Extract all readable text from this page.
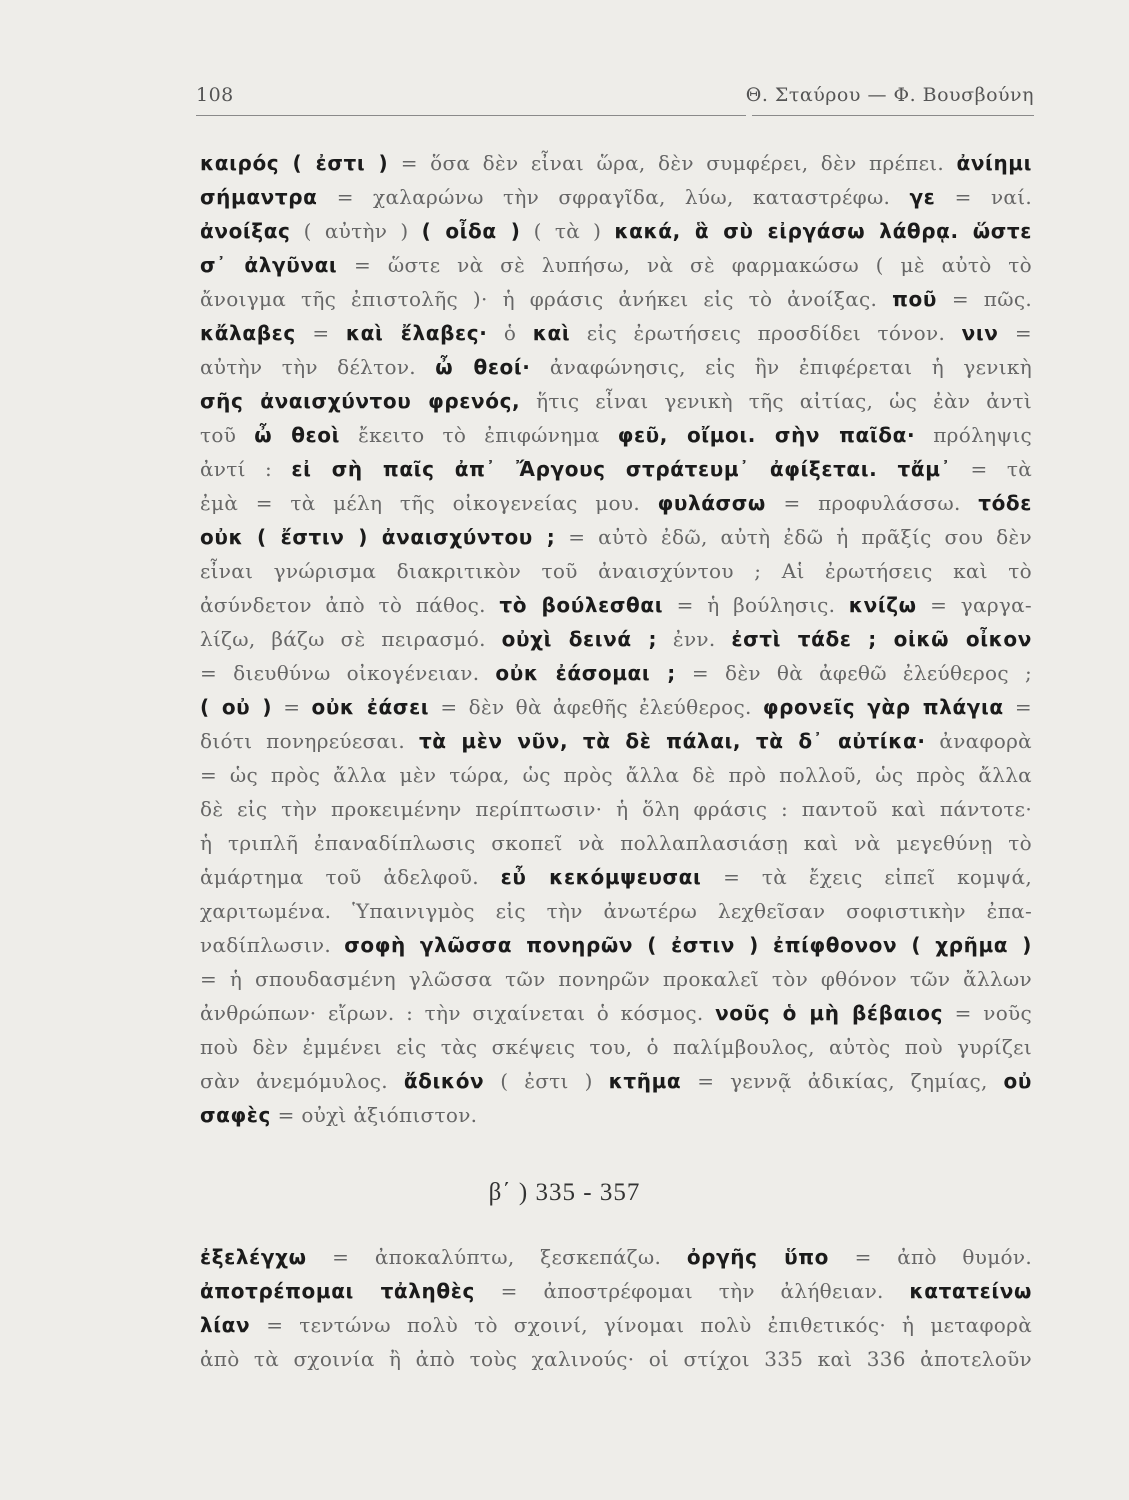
108	Θ. Σταύρου — Φ. Βουσβούνη
καιρός ( ἐστι ) = ὅσα δὲν εἶναι ὥρα, δὲν συμφέρει, δὲν πρέπει. ἀνίημι
σήμαντρα = χαλαρώνω τὴν σφραγῖδα, λύω, καταστρέφω. γε = ναί.
ἀνοίξας ( αὐτὴν ) ( οἶδα ) ( τὰ ) κακά, ἃ σὺ εἰργάσω λάθρᾳ. ὥστε
σ᾿ ἀλγῦναι = ὥστε νὰ σὲ λυπήσω, νὰ σὲ φαρμακώσω ( μὲ αὐτὸ τὸ
ἄνοιγμα τῆς ἐπιστολῆς )· ἡ φράσις ἀνήκει εἰς τὸ ἀνοίξας. ποῦ = πῶς.
κἄλαβες = καὶ ἔλαβες· ὁ καὶ εἰς ἐρωτήσεις προσδίδει τόνον. νιν =
αὐτὴν τὴν δέλτον. ὦ θεοί· ἀναφώνησις, εἰς ἣν ἐπιφέρεται ἡ γενικὴ
σῆς ἀναισχύντου φρενός, ἥτις εἶναι γενικὴ τῆς αἰτίας, ὡς ἐὰν ἀντὶ
τοῦ ὦ θεοὶ ἔκειτο τὸ ἐπιφώνημα φεῦ, οἴμοι. σὴν παῖδα· πρόληψις
ἀντί : εἰ σὴ παῖς ἀπ᾿ Ἄργους στράτευμ᾿ ἀφίξεται. τἄμ᾿ = τὰ
ἐμὰ = τὰ μέλη τῆς οἰκογενείας μου. φυλάσσω = προφυλάσσω. τόδε
οὐκ ( ἔστιν ) ἀναισχύντου ; = αὐτὸ ἐδῶ, αὐτὴ ἐδῶ ἡ πρᾶξίς σου δὲν
εἶναι γνώρισμα διακριτικὸν τοῦ ἀναισχύντου ; Αἱ ἐρωτήσεις καὶ τὸ
ἀσύνδετον ἀπὸ τὸ πάθος. τὸ βούλεσθαι = ἡ βούλησις. κνίζω = γαργα-
λίζω, βάζω σὲ πειρασμό. οὐχὶ δεινά ; ἐνν. ἐστὶ τάδε ; οἰκῶ οἶκον
= διευθύνω οἰκογένειαν. οὐκ ἐάσομαι ; = δὲν θὰ ἀφεθῶ ἐλεύθερος ;
( οὐ ) = οὐκ ἐάσει = δὲν θὰ ἀφεθῆς ἐλεύθερος. φρονεῖς γὰρ πλάγια =
διότι πονηρεύεσαι. τὰ μὲν νῦν, τὰ δὲ πάλαι, τὰ δ᾿ αὐτίκα· ἀναφορὰ
= ὡς πρὸς ἄλλα μὲν τώρα, ὡς πρὸς ἄλλα δὲ πρὸ πολλοῦ, ὡς πρὸς ἄλλα
δὲ εἰς τὴν προκειμένην περίπτωσιν· ἡ ὅλη φράσις : παντοῦ καὶ πάντοτε·
ἡ τριπλῆ ἐπαναδίπλωσις σκοπεῖ νὰ πολλαπλασιάσῃ καὶ νὰ μεγεθύνῃ τὸ
ἁμάρτημα τοῦ ἀδελφοῦ. εὖ κεκόμψευσαι = τὰ ἔχεις εἰπεῖ κομψά,
χαριτωμένα. Ὑπαινιγμὸς εἰς τὴν ἀνωτέρω λεχθεῖσαν σοφιστικὴν ἐπα-
ναδίπλωσιν. σοφὴ γλῶσσα πονηρῶν ( ἐστιν ) ἐπίφθονον ( χρῆμα )
= ἡ σπουδασμένη γλῶσσα τῶν πονηρῶν προκαλεῖ τὸν φθόνον τῶν ἄλλων
ἀνθρώπων· εἴρων. : τὴν σιχαίνεται ὁ κόσμος. νοῦς ὁ μὴ βέβαιος = νοῦς
ποὺ δὲν ἐμμένει εἰς τὰς σκέψεις του, ὁ παλίμβουλος, αὐτὸς ποὺ γυρίζει
σὰν ἀνεμόμυλος. ἄδικόν ( ἐστι ) κτῆμα = γεννᾷ ἀδικίας, ζημίας, οὐ
σαφὲς = οὐχὶ ἀξιόπιστον.
β΄ ) 335 - 357
ἐξελέγχω = ἀποκαλύπτω, ξεσκεπάζω. ὀργῆς ὕπο = ἀπὸ θυμόν.
ἀποτρέπομαι τἀληθὲς = ἀποστρέφομαι τὴν ἀλήθειαν. κατατείνω
λίαν = τεντώνω πολὺ τὸ σχοινί, γίνομαι πολὺ ἐπιθετικός· ἡ μεταφορὰ
ἀπὸ τὰ σχοινία ἢ ἀπὸ τοὺς χαλινούς· οἱ στίχοι 335 καὶ 336 ἀποτελοῦν
